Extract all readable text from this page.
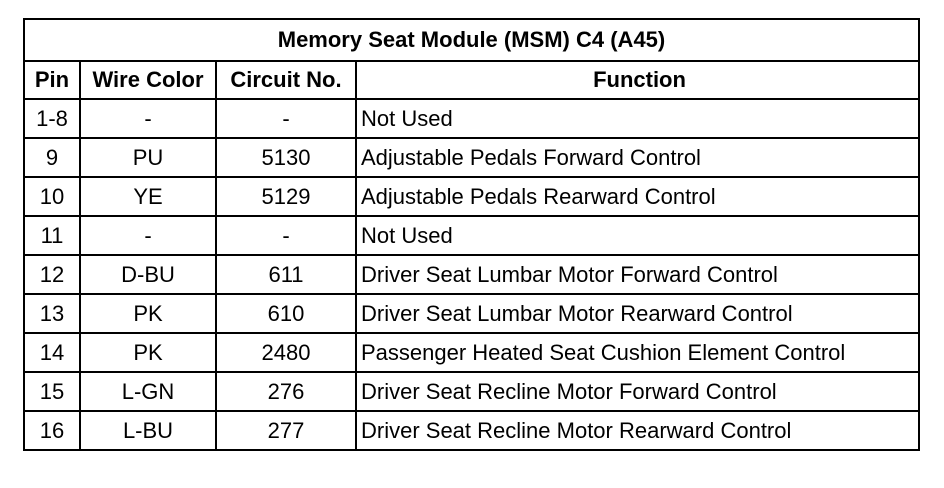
Memory Seat Module (MSM) C4 (A45)
Pin	Wire Color	Circuit No.	Function
1-8	-	-	Not Used
9	PU	5130	Adjustable Pedals Forward Control
10	YE	5129	Adjustable Pedals Rearward Control
11	-	-	Not Used
12	D-BU	611	Driver Seat Lumbar Motor Forward Control
13	PK	610	Driver Seat Lumbar Motor Rearward Control
14	PK	2480	Passenger Heated Seat Cushion Element Control
15	L-GN	276	Driver Seat Recline Motor Forward Control
16	L-BU	277	Driver Seat Recline Motor Rearward Control
